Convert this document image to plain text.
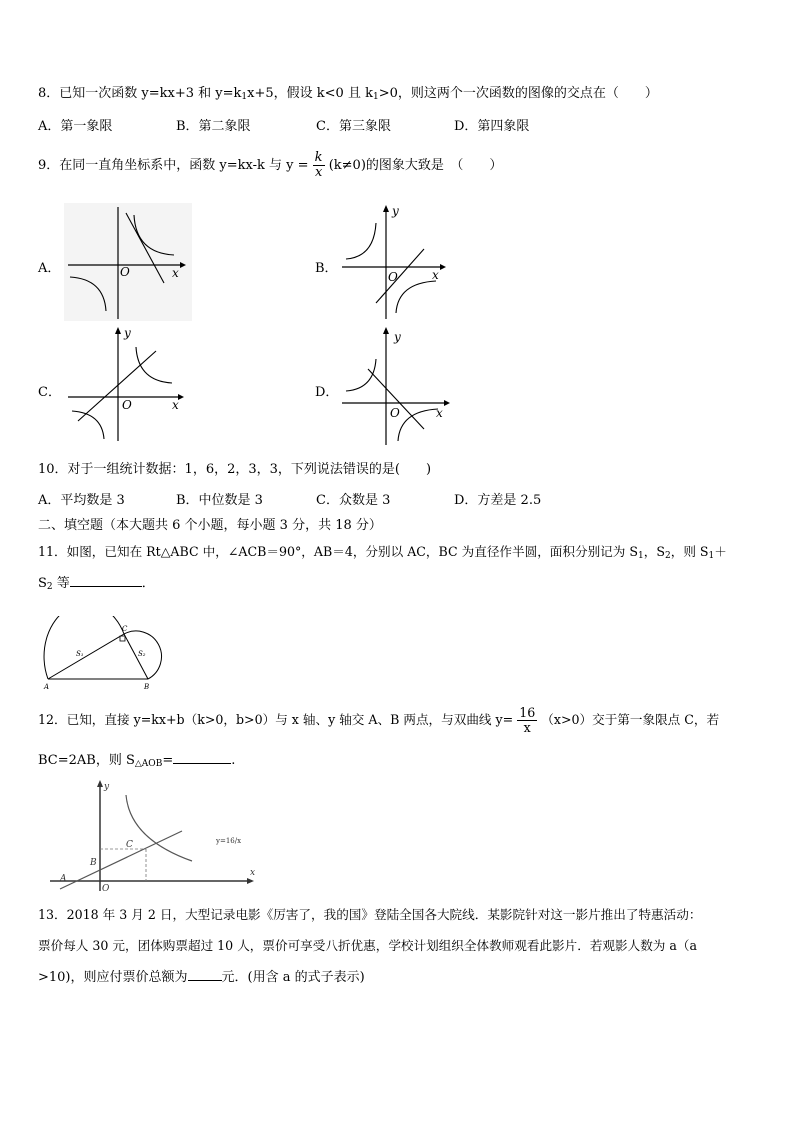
8．已知一次函数 y=kx+3 和 $y=k_1x+5$，假设 k<0 且 $k_1>0$，则这两个一次函数的图像的交点在（　　）
A．第一象限	B．第二象限	C．第三象限	D．第四象限
9．在同一直角坐标系中，函数 y=kx-k 与 $y = \frac{k}{x} (k\ne 0)$的图象大致是　（　　）
A．	B．
C．	D．
O	x
y
O	x
y
O	x
y
O	x
10．对于一组统计数据：1，6，2，3，3，下列说法错误的是(　　)
A．平均数是 3	B．中位数是 3	C．众数是 3	D．方差是 2.5
二、填空题（本大题共 6 个小题，每小题 3 分，共 18 分）
11．如图，已知在 Rt△ABC 中，∠ACB＝90°，AB＝4，分别以 AC，BC 为直径作半圆，面积分别记为 $S_1$，$S_2$，则 $S_1+$
$S_2$ 等	．
A	B
C
S₁	S₂
12．已知，直接 y=kx+b（k>0，b>0）与 x 轴、y 轴交 A、B 两点，与双曲线 $y= \frac{16}{x} (x>0)$交于第一象限点 C，若
BC=2AB，则 $S_{\triangle AOB}=$	.
y
x
A
B
C
O
y=16/x
13．2018 年 3 月 2 日，大型记录电影《厉害了，我的国》登陆全国各大院线．某影院针对这一影片推出了特惠活动：
票价每人 30 元，团体购票超过 10 人，票价可享受八折优惠，学校计划组织全体教师观看此影片．若观影人数为 a（a
>10)，则应付票价总额为	元．(用含 a 的式子表示)
